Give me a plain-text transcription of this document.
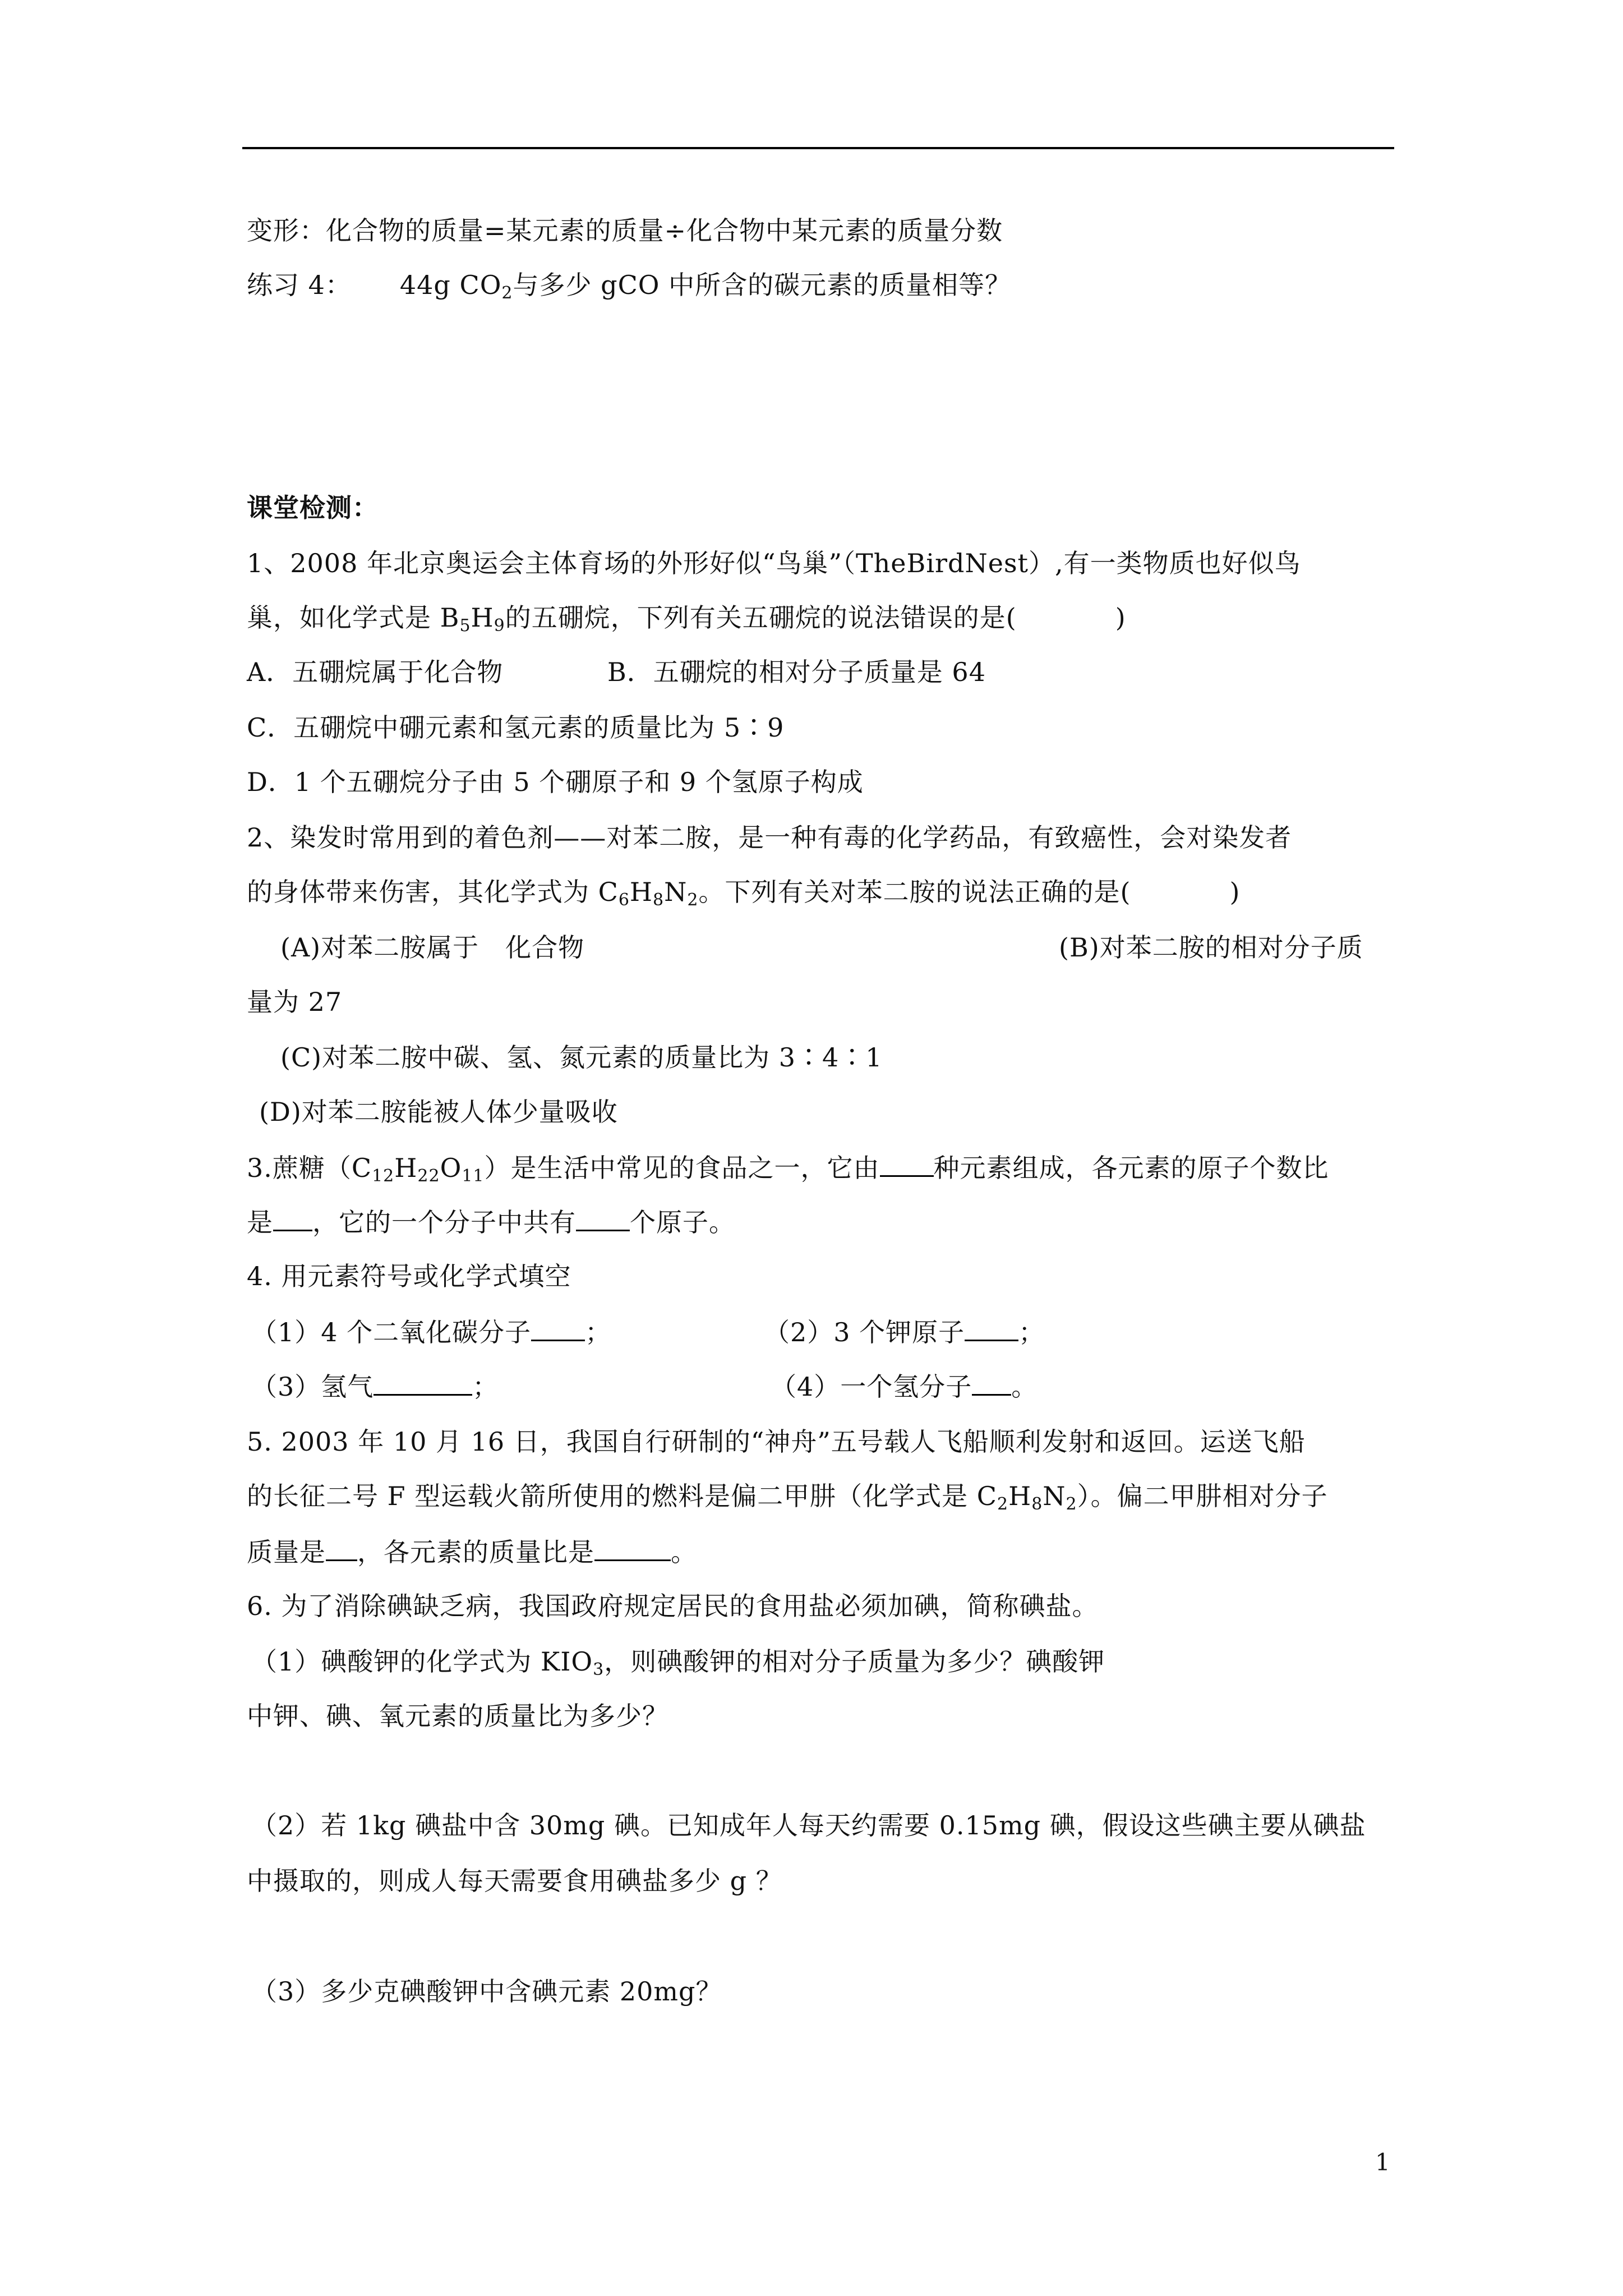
变形：化合物的质量=某元素的质量÷化合物中某元素的质量分数
练习 4： 44g $CO_2$与多少 gCO 中所含的碳元素的质量相等？
课堂检测：
1、2008 年北京奥运会主体育场的外形好似“鸟巢”（TheBirdNest）,有一类物质也好似鸟
巢，如化学式是 $B_5H_9$的五硼烷，下列有关五硼烷的说法错误的是(	)
A．五硼烷属于化合物	B．五硼烷的相对分子质量是 64
C．五硼烷中硼元素和氢元素的质量比为 5∶9
D．1 个五硼烷分子由 5 个硼原子和 9 个氢原子构成
2、染发时常用到的着色剂——对苯二胺，是一种有毒的化学药品，有致癌性，会对染发者
的身体带来伤害，其化学式为 $C_6H_8N_2$。下列有关对苯二胺的说法正确的是(	)
(A)对苯二胺属于　化合物	(B)对苯二胺的相对分子质
量为 27
(C)对苯二胺中碳、氢、氮元素的质量比为 3∶4∶1
(D)对苯二胺能被人体少量吸收
3.蔗糖$(C_{12}H_{22}O_{11})$是生活中常见的食品之一，它由 种元素组成，各元素的原子个数比
是 ，它的一个分子中共有 个原子。
4. 用元素符号或化学式填空
（1）4 个二氧化碳分子 ；	（2）3 个钾原子 ；
（3）氢气	；	（4）一个氢分子 。
5. 2003 年 10 月 16 日，我国自行研制的“神舟”五号载人飞船顺利发射和返回。运送飞船
的长征二号 F 型运载火箭所使用的燃料是偏二甲肼（化学式是 $C_2H_8N_2$）。偏二甲肼相对分子
质量是 ，各元素的质量比是	。
6. 为了消除碘缺乏病，我国政府规定居民的食用盐必须加碘，简称碘盐。
（1）碘酸钾的化学式为 $KIO_3$，则碘酸钾的相对分子质量为多少？碘酸钾
中钾、碘、氧元素的质量比为多少？
（2）若 1kg 碘盐中含 30mg 碘。已知成年人每天约需要 0.15mg 碘，假设这些碘主要从碘盐
中摄取的，则成人每天需要食用碘盐多少 g ？
（3）多少克碘酸钾中含碘元素 20mg？
1
